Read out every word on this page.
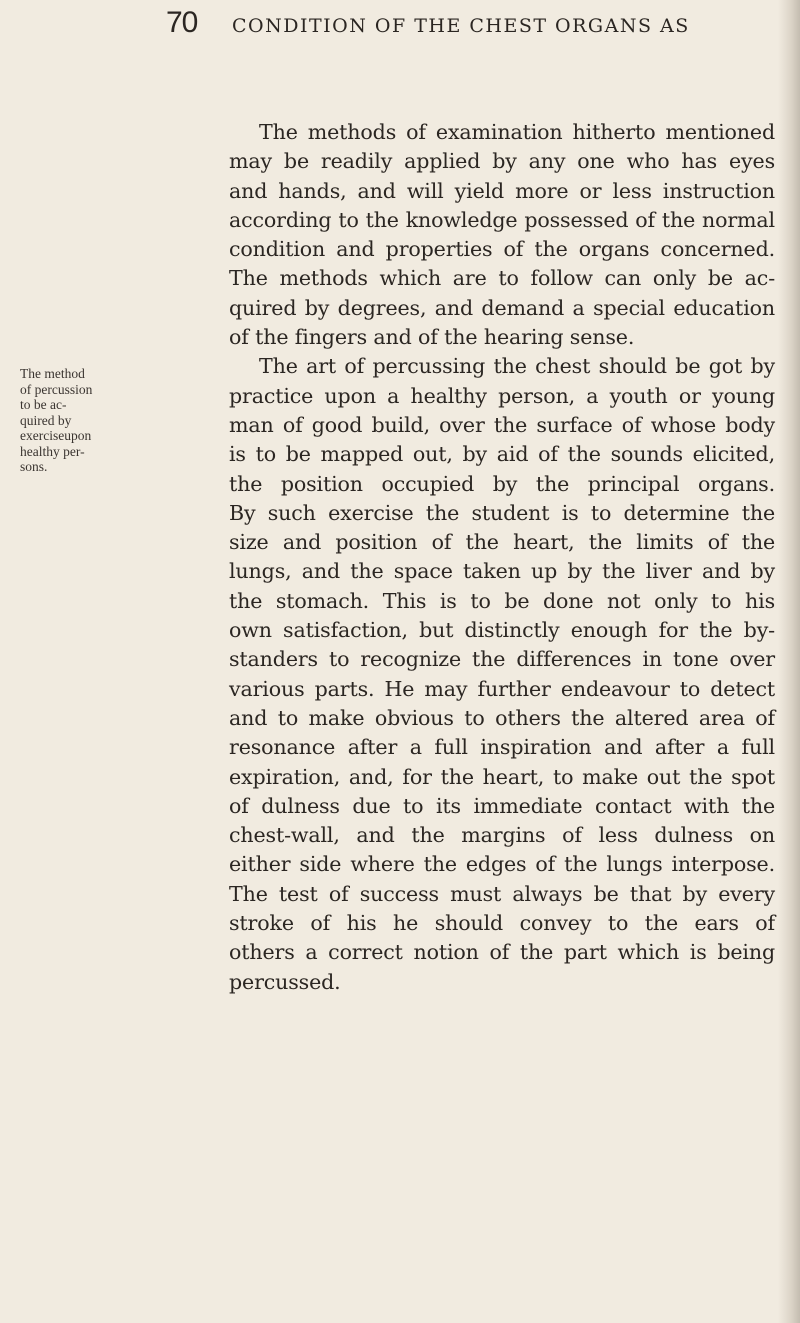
70	CONDITION OF THE CHEST ORGANS AS
The method
of percussion
to be ac-
quired by
exerciseupon
healthy per-
sons.
The methods of examination hitherto mentioned
may be readily applied by any one who has eyes
and hands, and will yield more or less instruction
according to the knowledge possessed of the normal
condition and properties of the organs concerned.
The methods which are to follow can only be ac-
quired by degrees, and demand a special education
of the fingers and of the hearing sense.
The art of percussing the chest should be got by
practice upon a healthy person, a youth or young
man of good build, over the surface of whose body
is to be mapped out, by aid of the sounds elicited,
the position occupied by the principal organs.
By such exercise the student is to determine the
size and position of the heart, the limits of the
lungs, and the space taken up by the liver and by
the stomach. This is to be done not only to his
own satisfaction, but distinctly enough for the by-
standers to recognize the differences in tone over
various parts. He may further endeavour to detect
and to make obvious to others the altered area of
resonance after a full inspiration and after a full
expiration, and, for the heart, to make out the spot
of dulness due to its immediate contact with the
chest-wall, and the margins of less dulness on
either side where the edges of the lungs interpose.
The test of success must always be that by every
stroke of his he should convey to the ears of
others a correct notion of the part which is being
percussed.
